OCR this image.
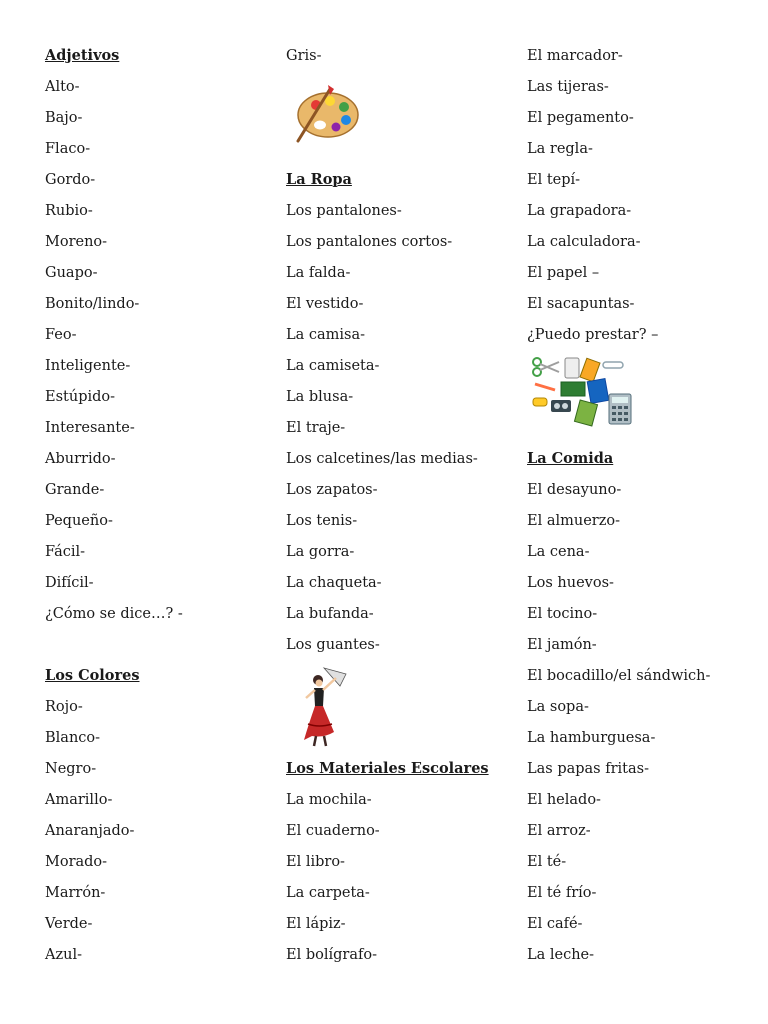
Adjetivos
Alto-
Bajo-
Flaco-
Gordo-
Rubio-
Moreno-
Guapo-
Bonito/lindo-
Feo-
Inteligente-
Estúpido-
Interesante-
Aburrido-
Grande-
Pequeño-
Fácil-
Difícil-
¿Cómo se dice…? -
Los Colores
Rojo-
Blanco-
Negro-
Amarillo-
Anaranjado-
Morado-
Marrón-
Verde-
Azul-
Gris-
La Ropa
Los pantalones-
Los pantalones cortos-
La falda-
El vestido-
La camisa-
La camiseta-
La blusa-
El traje-
Los calcetines/las medias-
Los zapatos-
Los tenis-
La gorra-
La chaqueta-
La bufanda-
Los guantes-
Los Materiales Escolares
La mochila-
El cuaderno-
El libro-
La carpeta-
El lápiz-
El bolígrafo-
El marcador-
Las tijeras-
El pegamento-
La regla-
El tepí-
La grapadora-
La calculadora-
El papel –
El sacapuntas-
¿Puedo prestar? –
La Comida
El desayuno-
El almuerzo-
La cena-
Los huevos-
El tocino-
El jamón-
El bocadillo/el sándwich-
La sopa-
La hamburguesa-
Las papas fritas-
El helado-
El arroz-
El té-
El té frío-
El café-
La leche-
